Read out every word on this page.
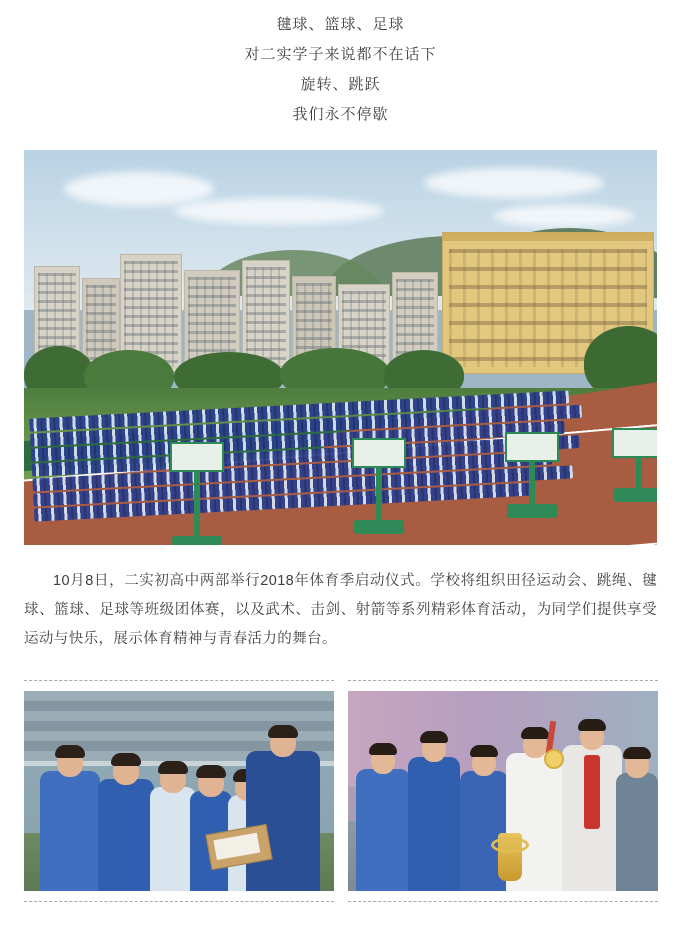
毽球、篮球、足球
对二实学子来说都不在话下
旋转、跳跃
我们永不停歇

10月8日，二实初高中两部举行2018年体育季启动仪式。学校将组织田径运动会、跳绳、毽球、篮球、足球等班级团体赛，以及武术、击剑、射箭等系列精彩体育活动，为同学们提供享受运动与快乐，展示体育精神与青春活力的舞台。
